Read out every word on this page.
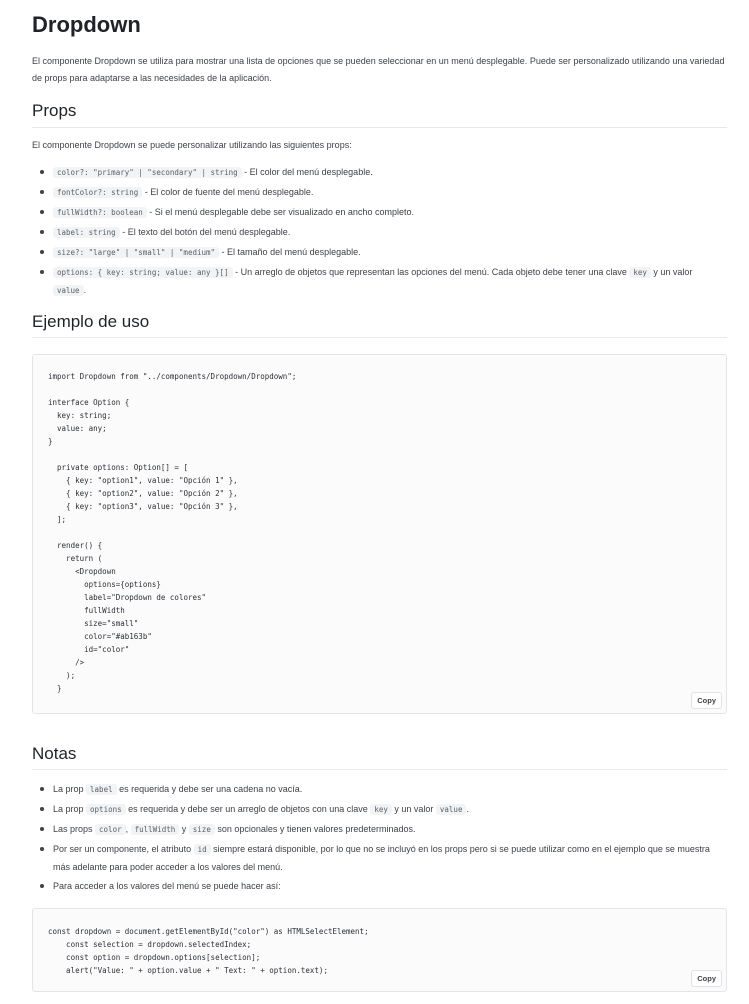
Dropdown

El componente Dropdown se utiliza para mostrar una lista de opciones que se pueden seleccionar en un menú desplegable. Puede ser personalizado utilizando una variedad de props para adaptarse a las necesidades de la aplicación.

Props

El componente Dropdown se puede personalizar utilizando las siguientes props:

color?: "primary" | "secondary" | string - El color del menú desplegable.
fontColor?: string - El color de fuente del menú desplegable.
fullWidth?: boolean - Si el menú desplegable debe ser visualizado en ancho completo.
label: string - El texto del botón del menú desplegable.
size?: "large" | "small" | "medium" - El tamaño del menú desplegable.
options: { key: string; value: any }[] - Un arreglo de objetos que representan las opciones del menú. Cada objeto debe tener una clave key y un valor value .
Ejemplo de uso
import Dropdown from "../components/Dropdown/Dropdown";

interface Option {
key: string;
value: any;
}

private options: Option[] = [
{ key: "option1", value: "Opción 1" },
{ key: "option2", value: "Opción 2" },
{ key: "option3", value: "Opción 3" },
];

render() {
return (
<Dropdown
options={options}
label="Dropdown de colores"
fullWidth
size="small"
color="#ab163b"
id="color"
/>
);
}
Copy
Notas
La prop label es requerida y debe ser una cadena no vacía.
La prop options es requerida y debe ser un arreglo de objetos con una clave key y un valor value .
Las props color , fullWidth y size son opcionales y tienen valores predeterminados.
Por ser un componente, el atributo id siempre estará disponible, por lo que no se incluyó en los props pero si se puede utilizar como en el ejemplo que se muestra más adelante para poder acceder a los valores del menú.
Para acceder a los valores del menú se puede hacer así:
const dropdown = document.getElementById("color") as HTMLSelectElement;
const selection = dropdown.selectedIndex;
const option = dropdown.options[selection];
alert("Value: " + option.value + " Text: " + option.text);
Copy
